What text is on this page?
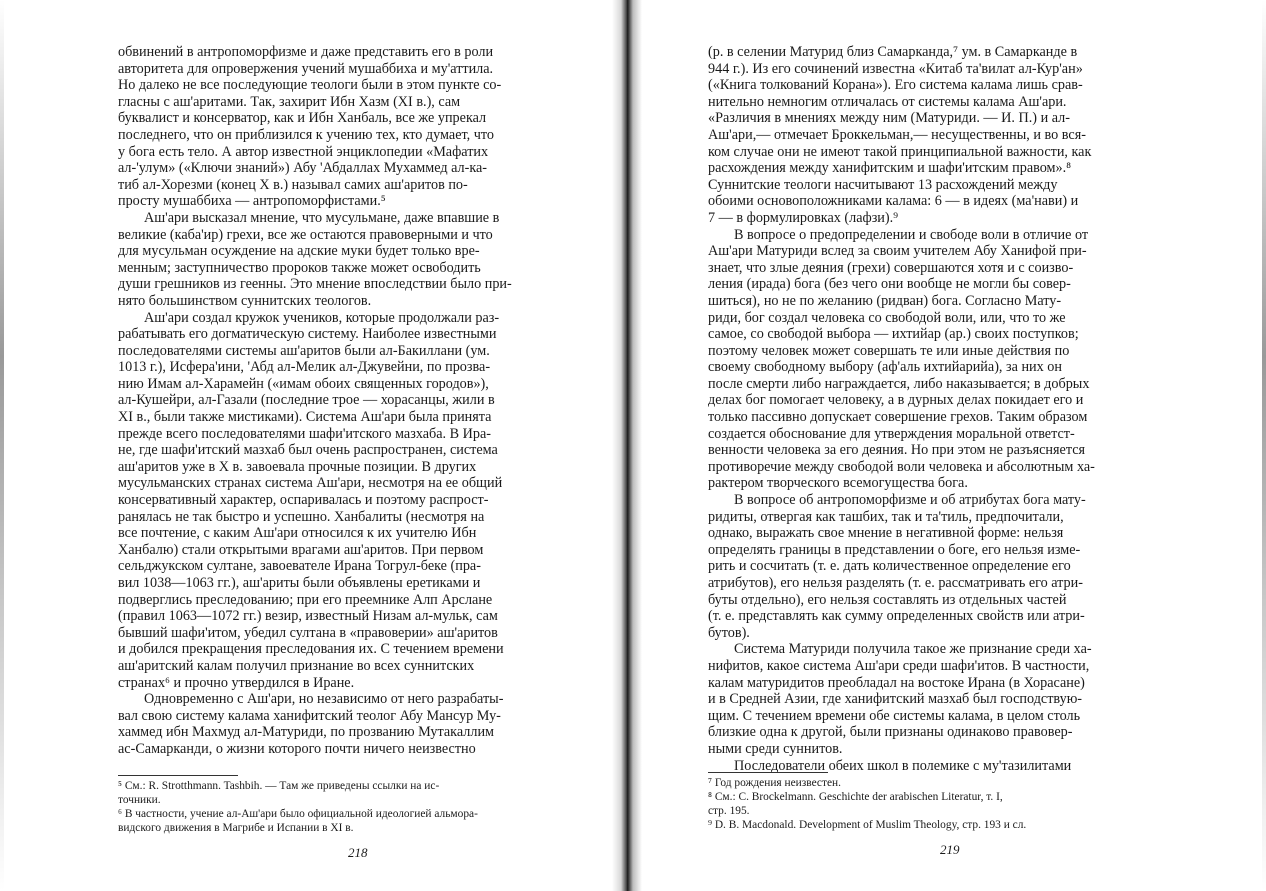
обвинений в антропоморфизме и даже представить его в роли
авторитета для опровержения учений мушаббиха и му'аттила.
Но далеко не все последующие теологи были в этом пункте со-
гласны с аш'аритами. Так, захирит Ибн Хазм (XI в.), сам
буквалист и консерватор, как и Ибн Ханбаль, все же упрекал
последнего, что он приблизился к учению тех, кто думает, что
у бога есть тело. А автор известной энциклопедии «Мафатих
ал-'улум» («Ключи знаний») Абу 'Абдаллах Мухаммед ал-ка-
тиб ал-Хорезми (конец X в.) называл самих аш'аритов по-
просту мушаббиха — антропоморфистами.⁵
Аш'ари высказал мнение, что мусульмане, даже впавшие в
великие (каба'ир) грехи, все же остаются правоверными и что
для мусульман осуждение на адские муки будет только вре-
менным; заступничество пророков также может освободить
души грешников из геенны. Это мнение впоследствии было при-
нято большинством суннитских теологов.
Аш'ари создал кружок учеников, которые продолжали раз-
рабатывать его догматическую систему. Наиболее известными
последователями системы аш'аритов были ал-Бакиллани (ум.
1013 г.), Исфера'ини, 'Абд ал-Мелик ал-Джувейни, по прозва-
нию Имам ал-Харамейн («имам обоих священных городов»),
ал-Кушейри, ал-Газали (последние трое — хорасанцы, жили в
XI в., были также мистиками). Система Аш'ари была принята
прежде всего последователями шафи'итского мазхаба. В Ира-
не, где шафи'итский мазхаб был очень распространен, система
аш'аритов уже в X в. завоевала прочные позиции. В других
мусульманских странах система Аш'ари, несмотря на ее общий
консервативный характер, оспаривалась и поэтому распрост-
ранялась не так быстро и успешно. Ханбалиты (несмотря на
все почтение, с каким Аш'ари относился к их учителю Ибн
Ханбалю) стали открытыми врагами аш'аритов. При первом
сельджукском султане, завоевателе Ирана Тогрул-беке (пра-
вил 1038—1063 гг.), аш'ариты были объявлены еретиками и
подверглись преследованию; при его преемнике Алп Арслане
(правил 1063—1072 гг.) везир, известный Низам ал-мульк, сам
бывший шафи'итом, убедил султана в «правоверии» аш'аритов
и добился прекращения преследования их. С течением времени
аш'аритский калам получил признание во всех суннитских
странах⁶ и прочно утвердился в Иране.
Одновременно с Аш'ари, но независимо от него разрабаты-
вал свою систему калама ханифитский теолог Абу Мансур Му-
хаммед ибн Махмуд ал-Матуриди, по прозванию Мутакаллим
ас-Самарканди, о жизни которого почти ничего неизвестно
⁵ См.: R. Strotthmann. Tashbih. — Там же приведены ссылки на ис-
точники.
⁶ В частности, учение ал-Аш'ари было официальной идеологией альмора-
видского движения в Магрибе и Испании в XI в.
218
(р. в селении Матурид близ Самарканда,⁷ ум. в Самарканде в
944 г.). Из его сочинений известна «Китаб та'вилат ал-Кур'ан»
(«Книга толкований Корана»). Его система калама лишь срав-
нительно немногим отличалась от системы калама Аш'ари.
«Различия в мнениях между ним (Матуриди. — И. П.) и ал-
Аш'ари,— отмечает Броккельман,— несущественны, и во вся-
ком случае они не имеют такой принципиальной важности, как
расхождения между ханифитским и шафи'итским правом».⁸
Суннитские теологи насчитывают 13 расхождений между
обоими основоположниками калама: 6 — в идеях (ма'нави) и
7 — в формулировках (лафзи).⁹
В вопросе о предопределении и свободе воли в отличие от
Аш'ари Матуриди вслед за своим учителем Абу Ханифой при-
знает, что злые деяния (грехи) совершаются хотя и с соизво-
ления (ирада) бога (без чего они вообще не могли бы совер-
шиться), но не по желанию (ридван) бога. Согласно Мату-
риди, бог создал человека со свободой воли, или, что то же
самое, со свободой выбора — ихтийар (ар.) своих поступков;
поэтому человек может совершать те или иные действия по
своему свободному выбору (аф'аль ихтийарийа), за них он
после смерти либо награждается, либо наказывается; в добрых
делах бог помогает человеку, а в дурных делах покидает его и
только пассивно допускает совершение грехов. Таким образом
создается обоснование для утверждения моральной ответст-
венности человека за его деяния. Но при этом не разъясняется
противоречие между свободой воли человека и абсолютным ха-
рактером творческого всемогущества бога.
В вопросе об антропоморфизме и об атрибутах бога мату-
ридиты, отвергая как ташбих, так и та'тиль, предпочитали,
однако, выражать свое мнение в негативной форме: нельзя
определять границы в представлении о боге, его нельзя изме-
рить и сосчитать (т. е. дать количественное определение его
атрибутов), его нельзя разделять (т. е. рассматривать его атри-
буты отдельно), его нельзя составлять из отдельных частей
(т. е. представлять как сумму определенных свойств или атри-
бутов).
Система Матуриди получила такое же признание среди ха-
нифитов, какое система Аш'ари среди шафи'итов. В частности,
калам матуридитов преобладал на востоке Ирана (в Хорасане)
и в Средней Азии, где ханифитский мазхаб был господствую-
щим. С течением времени обе системы калама, в целом столь
близкие одна к другой, были признаны одинаково правовер-
ными среди суннитов.
Последователи обеих школ в полемике с му'тазилитами
⁷ Год рождения неизвестен.
⁸ См.: C. Brockelmann. Geschichte der arabischen Literatur, т. I,
стр. 195.
⁹ D. B. Macdonald. Development of Muslim Theology, стр. 193 и сл.
219
